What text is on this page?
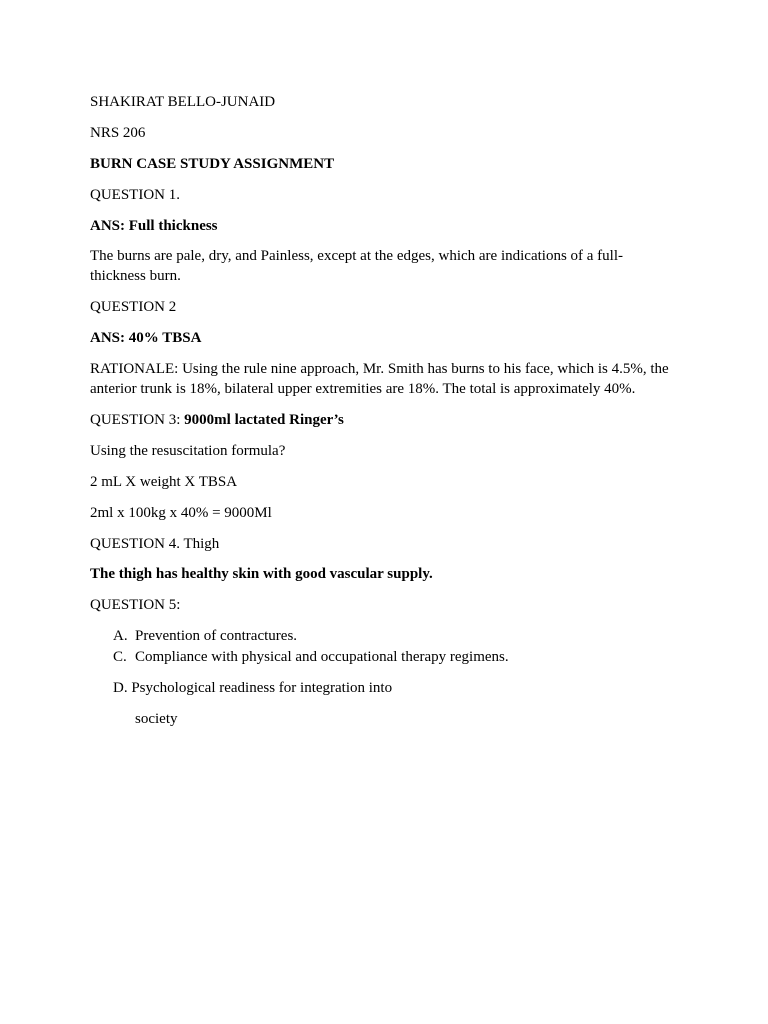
SHAKIRAT BELLO-JUNAID

NRS 206

BURN CASE STUDY ASSIGNMENT

QUESTION 1.

ANS: Full thickness

The burns are pale, dry, and Painless, except at the edges, which are indications of a full-
thickness burn.

QUESTION 2

ANS: 40% TBSA

RATIONALE: Using the rule nine approach, Mr. Smith has burns to his face, which is 4.5%, the
anterior trunk is 18%, bilateral upper extremities are 18%. The total is approximately 40%.

QUESTION 3: 9000ml lactated Ringer’s

Using the resuscitation formula?

2 mL X weight X TBSA

2ml x 100kg x 40% = 9000Ml

QUESTION 4. Thigh

The thigh has healthy skin with good vascular supply.

QUESTION 5:

A. Prevention of contractures.
C. Compliance with physical and occupational therapy regimens.

D. Psychological readiness for integration into

society
